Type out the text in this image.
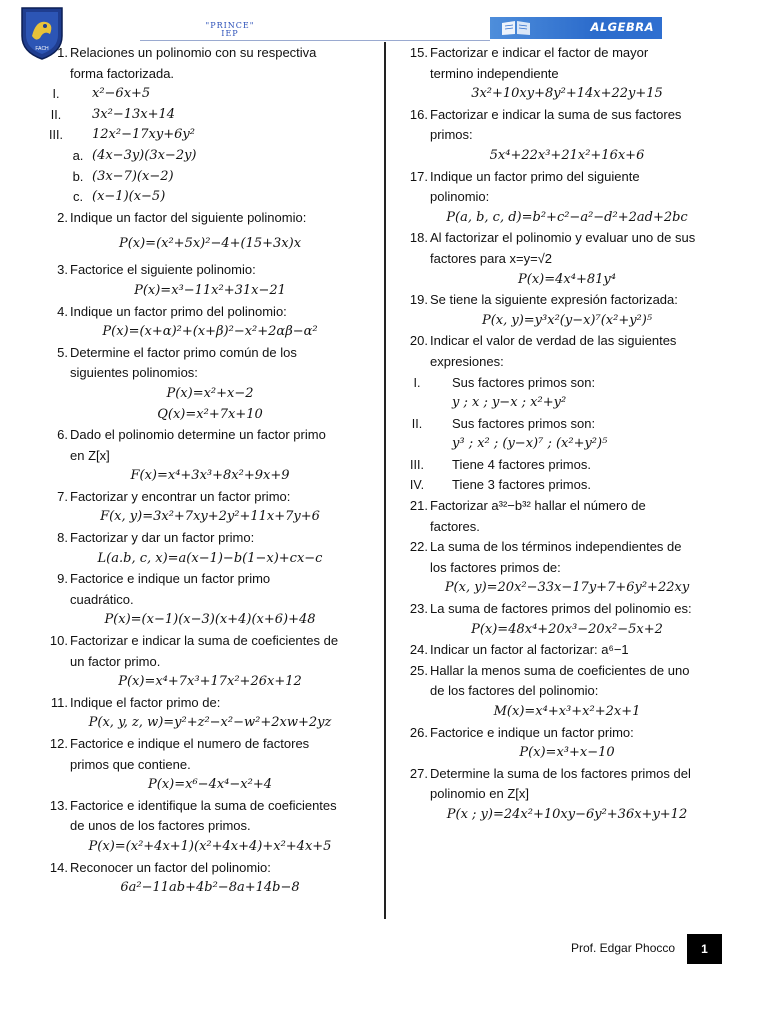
FACH
"PRINCE" IEP	ALGEBRA
1. Relaciones un polinomio con su respectiva
forma factorizada.
I.	x²−6x+5
II.	3x²−13x+14
III.	12x²−17xy+6y²
a. (4x−3y)(3x−2y)
b. (3x−7)(x−2)
c. (x−1)(x−5)
2. Indique un factor del siguiente polinomio:
P(x)=(x²+5x)²−4+(15+3x)x
3. Factorice el siguiente polinomio:
P(x)=x³−11x²+31x−21
4. Indique un factor primo del polinomio:
P(x)=(x+α)²+(x+β)²−x²+2αβ−α²
5. Determine el factor primo común de los
siguientes polinomios:
P(x)=x²+x−2
Q(x)=x²+7x+10
6. Dado el polinomio determine un factor primo
en Z[x]
F(x)=x⁴+3x³+8x²+9x+9
7. Factorizar y encontrar un factor primo:
F(x, y)=3x²+7xy+2y²+11x+7y+6
8. Factorizar y dar un factor primo:
L(a.b, c, x)=a(x−1)−b(1−x)+cx−c
9. Factorice e indique un factor primo
cuadrático.
P(x)=(x−1)(x−3)(x+4)(x+6)+48
10. Factorizar e indicar la suma de coeficientes de
un factor primo.
P(x)=x⁴+7x³+17x²+26x+12
11. Indique el factor primo de:
P(x, y, z, w)=y²+z²−x²−w²+2xw+2yz
12. Factorice e indique el numero de factores
primos que contiene.
P(x)=x⁶−4x⁴−x²+4
13. Factorice e identifique la suma de coeficientes
de unos de los factores primos.
P(x)=(x²+4x+1)(x²+4x+4)+x²+4x+5
14. Reconocer un factor del polinomio:
6a²−11ab+4b²−8a+14b−8
15. Factorizar e indicar el factor de mayor
termino independiente
3x²+10xy+8y²+14x+22y+15
16. Factorizar e indicar la suma de sus factores
primos:
5x⁴+22x³+21x²+16x+6
17. Indique un factor primo del siguiente
polinomio:
P(a, b, c, d)=b²+c²−a²−d²+2ad+2bc
18. Al factorizar el polinomio y evaluar uno de sus
factores para x=y=√2
P(x)=4x⁴+81y⁴
19. Se tiene la siguiente expresión factorizada:
P(x, y)=y³x²(y−x)⁷(x²+y²)⁵
20. Indicar el valor de verdad de las siguientes
expresiones:
I.	Sus factores primos son:
y ; x ; y−x ; x²+y²
II.	Sus factores primos son:
y³ ; x² ; (y−x)⁷ ; (x²+y²)⁵
III.	Tiene 4 factores primos.
IV.	Tiene 3 factores primos.
21. Factorizar a³²−b³² hallar el número de
factores.
22. La suma de los términos independientes de
los factores primos de:
P(x, y)=20x²−33x−17y+7+6y²+22xy
23. La suma de factores primos del polinomio es:
P(x)=48x⁴+20x³−20x²−5x+2
24. Indicar un factor al factorizar: a⁶−1
25. Hallar la menos suma de coeficientes de uno
de los factores del polinomio:
M(x)=x⁴+x³+x²+2x+1
26. Factorice e indique un factor primo:
P(x)=x³+x−10
27. Determine la suma de los factores primos del
polinomio en Z[x]
P(x ; y)=24x²+10xy−6y²+36x+y+12
Prof. Edgar Phocco	1
